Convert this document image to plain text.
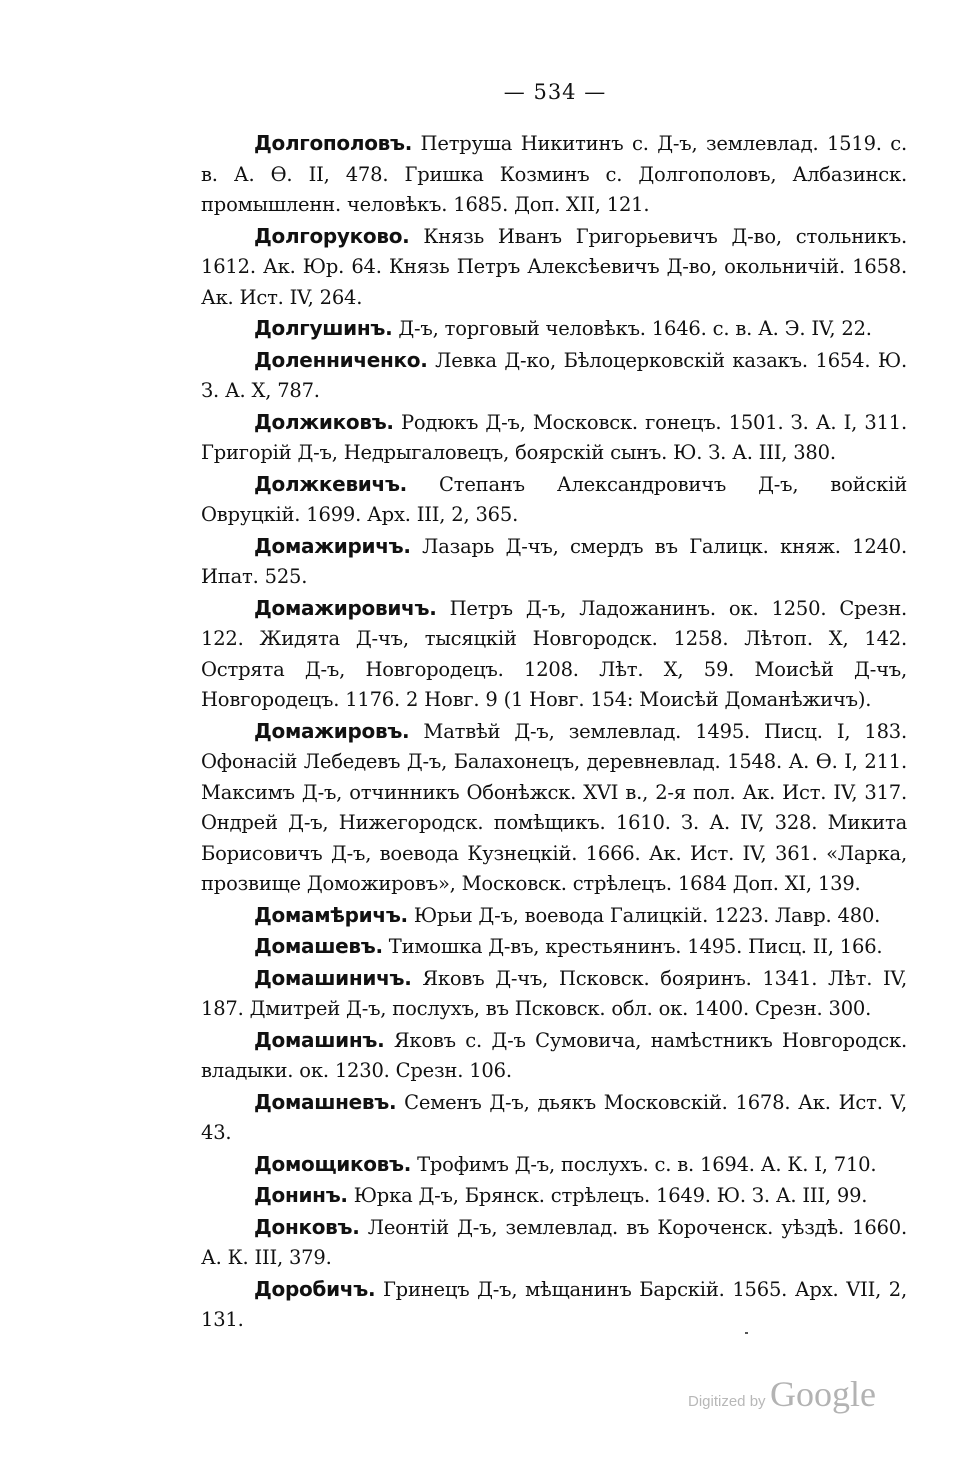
— 534 —

Долгополовъ. Петруша Никитинъ с. Д-ъ, землевлад. 1519. с. в. А. Ѳ. II, 478. Гришка Козминъ с. Долгополовъ, Албазинск. промышленн. человѣкъ. 1685. Доп. XII, 121.

Долгоруково. Князь Иванъ Григорьевичъ Д-во, стольникъ. 1612. Ак. Юр. 64. Князь Петръ Алексѣевичъ Д-во, окольничій. 1658. Ак. Ист. IV, 264.

Долгушинъ. Д-ъ, торговый человѣкъ. 1646. с. в. А. Э. IV, 22.

Доленниченко. Левка Д-ко, Бѣлоцерковскій казакъ. 1654. Ю. З. А. X, 787.

Должиковъ. Родюкъ Д-ъ, Московск. гонецъ. 1501. З. А. I, 311. Григорій Д-ъ, Недрыгаловецъ, боярскій сынъ. Ю. З. А. III, 380.

Должкевичъ. Степанъ Александровичъ Д-ъ, войскій Овруцкій. 1699. Арх. III, 2, 365.

Домажиричъ. Лазарь Д-чъ, смердъ въ Галицк. княж. 1240. Ипат. 525.

Домажировичъ. Петръ Д-ъ, Ладожанинъ. ок. 1250. Срезн. 122. Жидята Д-чъ, тысяцкій Новгородск. 1258. Лѣтоп. X, 142. Острята Д-ъ, Новгородецъ. 1208. Лѣт. X, 59. Моисѣй Д-чъ, Новгородецъ. 1176. 2 Новг. 9 (1 Новг. 154: Моисѣй Доманѣжичъ).

Домажировъ. Матвѣй Д-ъ, землевлад. 1495. Писц. I, 183. Офонасій Лебедевъ Д-ъ, Балахонецъ, деревневлад. 1548. А. Ѳ. I, 211. Максимъ Д-ъ, отчинникъ Обонѣжск. XVI в., 2-я пол. Ак. Ист. IV, 317. Ондрей Д-ъ, Нижегородск. помѣщикъ. 1610. З. А. IV, 328. Микита Борисовичъ Д-ъ, воевода Кузнецкій. 1666. Ак. Ист. IV, 361. «Ларка, прозвище Доможировъ», Московск. стрѣлецъ. 1684 Доп. XI, 139.

Домамѣричъ. Юрьи Д-ъ, воевода Галицкій. 1223. Лавр. 480.

Домашевъ. Тимошка Д-въ, крестьянинъ. 1495. Писц. II, 166.

Домашиничъ. Яковъ Д-чъ, Псковск. бояринъ. 1341. Лѣт. IV, 187. Дмитрей Д-ъ, послухъ, въ Псковск. обл. ок. 1400. Срезн. 300.

Домашинъ. Яковъ с. Д-ъ Сумовича, намѣстникъ Новгородск. владыки. ок. 1230. Срезн. 106.

Домашневъ. Семенъ Д-ъ, дьякъ Московскій. 1678. Ак. Ист. V, 43.

Домощиковъ. Трофимъ Д-ъ, послухъ. с. в. 1694. А. К. I, 710.

Донинъ. Юрка Д-ъ, Брянск. стрѣлецъ. 1649. Ю. З. А. III, 99.

Донковъ. Леонтій Д-ъ, землевлад. въ Короченск. уѣздѣ. 1660. А. К. III, 379.

Доробичъ. Гринецъ Д-ъ, мѣщанинъ Барскій. 1565. Арх. VII, 2, 131.

Digitized by Google
